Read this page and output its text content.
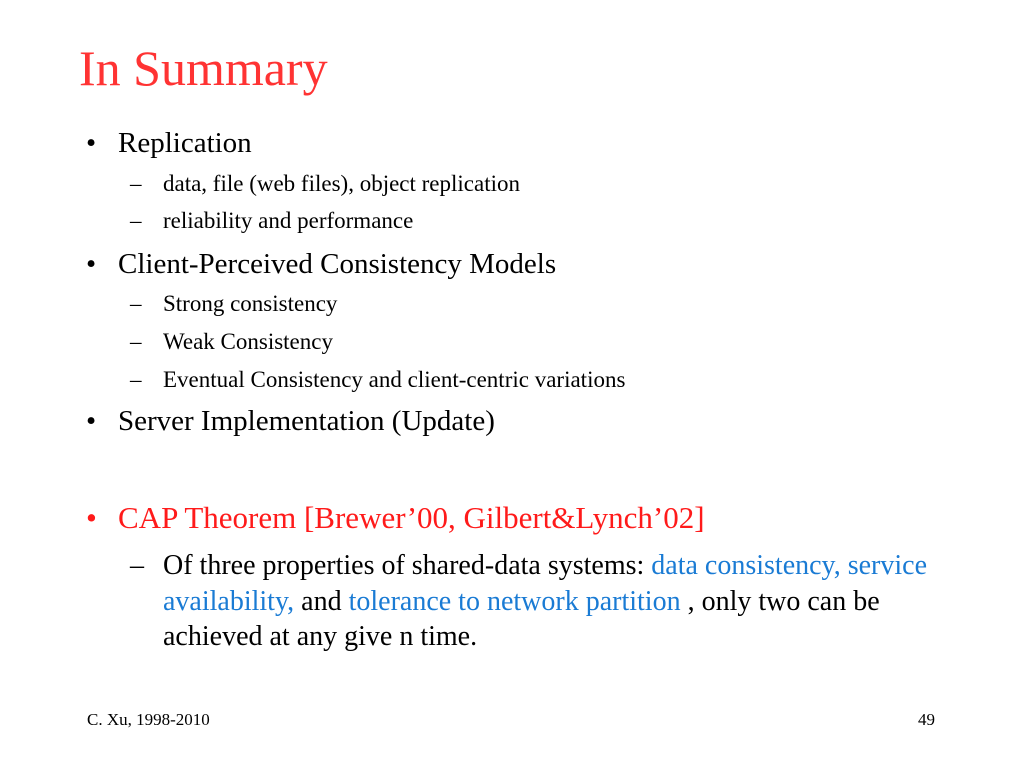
In Summary
• Replication
– data, file (web files), object replication
– reliability and performance
• Client-Perceived Consistency Models
– Strong consistency
– Weak Consistency
– Eventual Consistency and client-centric variations
• Server Implementation (Update)
• CAP Theorem [Brewer’00, Gilbert&Lynch’02]
– Of three properties of shared-data systems: data consistency, service availability, and tolerance to network partition , only two can be achieved at any give n time.
C. Xu, 1998-2010	49
